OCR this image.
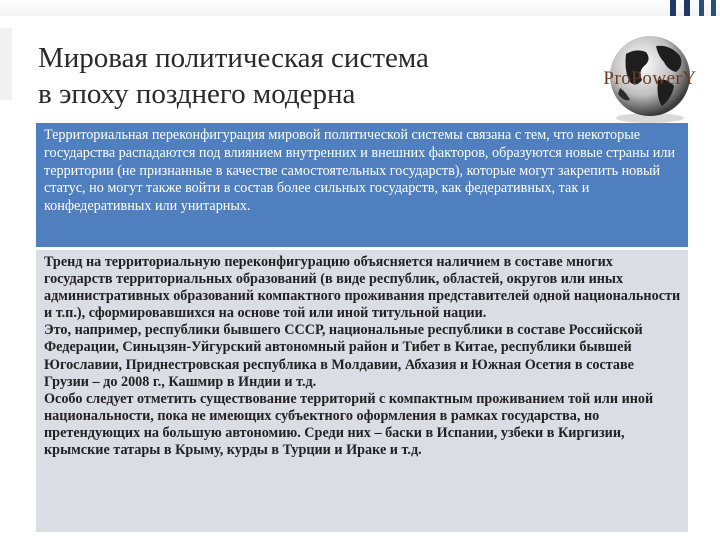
Мировая политическая система
в эпоху позднего модерна	ProPowerY

Территориальная переконфигурация мировой политической системы связана с тем, что некоторые государства распадаются под влиянием внутренних и внешних факторов, образуются новые страны или территории (не признанные в качестве самостоятельных государств), которые могут закрепить новый статус, но могут также войти в состав более сильных государств, как федеративных, так и конфедеративных или унитарных.

Тренд на территориальную переконфигурацию объясняется наличием в составе многих государств территориальных образований (в виде республик, областей, округов или иных административных образований компактного проживания представителей одной национальности и т.п.), сформировавшихся на основе той или иной титульной нации.

Это, например, республики бывшего СССР, национальные республики в составе Российской Федерации, Синьцзян-Уйгурский автономный район и Тибет в Китае, республики бывшей Югославии, Приднестровская республика в Молдавии, Абхазия и Южная Осетия в составе Грузии – до 2008 г., Кашмир в Индии и т.д.

Особо следует отметить существование территорий с компактным проживанием той или иной национальности, пока не имеющих субъектного оформления в рамках государства, но претендующих на большую автономию. Среди них – баски в Испании, узбеки в Киргизии, крымские татары в Крыму, курды в Турции и Ираке и т.д.
